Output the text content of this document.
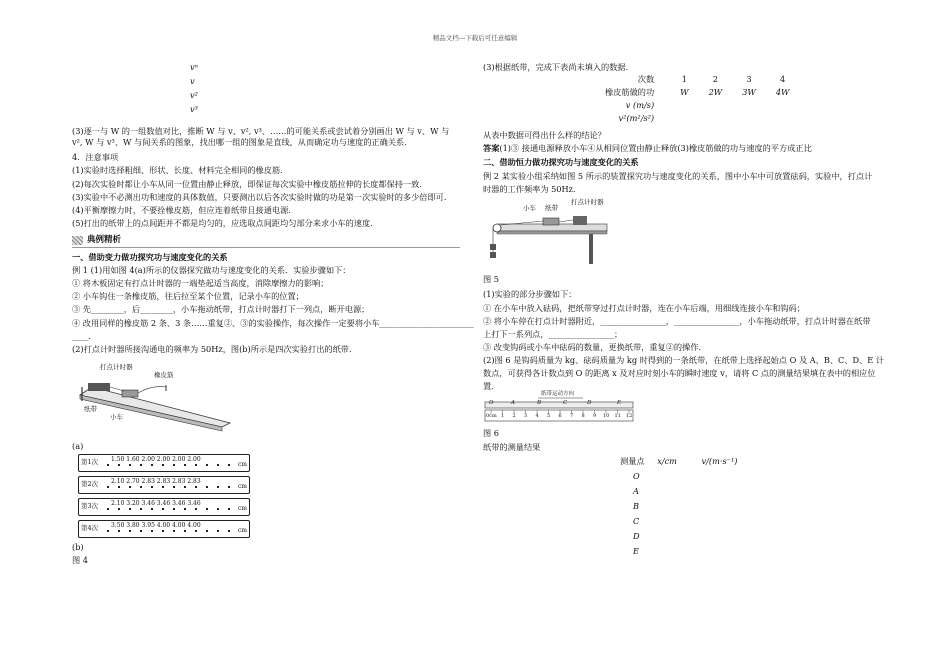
精品文档---下载后可任意编辑

vⁿ

v

v²

v³

(3)逐一与 W 的一组数值对比，推断 W 与 v、v², v³、……的可能关系或尝试着分别画出 W 与 v、W 与

v², W 与 v³、W 与间关系的图象，找出哪一组的图象是直线，从而确定功与速度的正确关系.

4．注意事项

(1)实验时选择粗细、形状、长度、材料完全相同的橡皮筋.

(2)每次实验时都让小车从同一位置由静止释放，即保证每次实验中橡皮筋拉伸的长度都保持一致.

(3)实验中不必测出功和速度的具体数值，只要测出以后各次实验时做的功是第一次实验时的多少倍即可.

(4)平衡摩擦力时，不要拴橡皮筋，但应连着纸带且接通电源.

(5)打出的纸带上的点间距并不都是均匀的，应选取点间距均匀部分来求小车的速度.

典例精析

一、借助变力做功探究功与速度变化的关系

例 1 (1)用如图 4(a)所示的仪器探究做功与速度变化的关系．实验步骤如下：

① 将木板固定有打点计时器的一端垫起适当高度，消除摩擦力的影响；

② 小车钩住一条橡皮筋，往后拉至某个位置，记录小车的位置；

③ 先________，后________，小车拖动纸带，打点计时器打下一列点，断开电源；

④ 改用同样的橡皮筋 2 条、3 条……重复②、③的实验操作，每次操作一定要将小车_______________________

____.

(2)打点计时器所接沟通电的频率为 50Hz，图(b)所示是四次实验打出的纸带．

打点计时器
橡皮筋
纸带
小车

(a)

第1次 1.50 1.60 2.00 2.00 2.00 2.00
cm
第2次 2.10 2.70 2.83 2.83 2.83 2.83
cm
第3次 2.10 3.20 3.46 3.46 3.46 3.46
cm
第4次 3.50 3.80 3.95 4.00 4.00 4.00
cm

(b)

图 4

(3)根据纸带，完成下表尚未填入的数据.

次数	1	2	3	4
橡皮筋做的功	W	2W	3W	4W
v (m/s)				
v²(m²/s²)				

从表中数据可得出什么样的结论？

答案(1)③ 接通电源释放小车④从相同位置由静止释放(3)橡皮筋做的功与速度的平方成正比

二、借助恒力做功探究功与速度变化的关系

例 2 某实验小组采纳如图 5 所示的装置探究功与速度变化的关系，图中小车中可放置砝码，实验中，打点计

时器的工作频率为 50Hz.

小车 纸带
打点计时器

图 5

(1)实验的部分步骤如下：

① 在小车中放入砝码，把纸带穿过打点计时器，连在小车后端，用细线连接小车和钩码；

② 将小车停在打点计时器附近，________________，________________，小车拖动纸带，打点计时器在纸带

上打下一系列点，________________；

③ 改变钩码或小车中砝码的数量，更换纸带，重复②的操作.

(2)图 6 是钩码质量为 kg、砝码质量为 kg 时得到的一条纸带，在纸带上选择起始点 O 及 A、B、C、D、E 计

数点，可获得各计数点到 O 的距离 x 及对应时刻小车的瞬时速度 v，请将 C 点的测量结果填在表中的相应位

置.

纸带运动方向
O	A	B	C	D	E
0cm 1 2 3 4 5 6 7 8 9 10 11 12

图 6

纸带的测量结果

测量点 x/cm	v/(m·s⁻¹)

O

A

B

C

D

E
